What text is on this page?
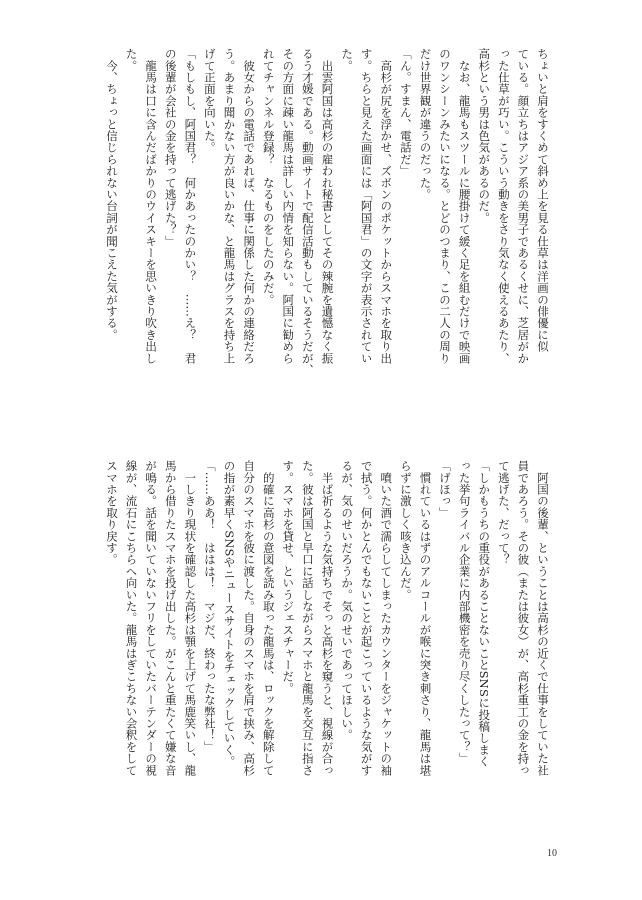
ちょいと肩をすくめて斜め上を見る仕草は洋画の俳優に似

ている。顔立ちはアジア系の美男子であるくせに、芝居がか

った仕草が巧い。こういう動きをさり気なく使えるあたり、

高杉という男は色気があるのだ。

　なお、龍馬もスツールに腰掛けて緩く足を組むだけで映画

のワンシーンみたいになる。とどのつまり、この二人の周り

だけ世界観が違うのだった。

「ん。すまん、電話だ」

　高杉が尻を浮かせ、ズボンのポケットからスマホを取り出

す。ちらと見えた画面には「阿国君」の文字が表示されてい

た。

　出雲阿国は高杉の雇われ秘書としてその辣腕を遺憾なく振

るう才媛である。動画サイトで配信活動もしているそうだが、

その方面に疎い龍馬は詳しい内情を知らない。阿国に勧めら

れてチャンネル登録？　なるものをしたのみだ。

　彼女からの電話であれば、仕事に関係した何かの連絡だろ

う。あまり聞かない方が良いかな、と龍馬はグラスを持ち上

げて正面を向いた。

「もしもし、阿国君？　何かあったのかい？　……え？　君

の後輩が会社の金を持って逃げた？」

　龍馬は口に含んだばかりのウイスキーを思いきり吹き出し

た。

　今、ちょっと信じられない台詞が聞こえた気がする。

　阿国の後輩、ということは高杉の近くで仕事をしていた社

員であろう。その彼（または彼女）が、高杉重工の金を持っ

て逃げた、だって？

「しかもうちの重役があることないことSNSに投稿しまく

った挙句ライバル企業に内部機密を売り尽くしたって？」

「げほっ」

　慣れているはずのアルコールが喉に突き刺さり、龍馬は堪

らずに激しく咳き込んだ。

　噴いた酒で濡らしてしまったカウンターをジャケットの袖

で拭う。何かとんでもないことが起こっているような気がす

るが、気のせいだろうか。気のせいであってほしい。

　半ば祈るような気持ちでそっと高杉を窺うと、視線が合っ

た。彼は阿国と早口に話しながらスマホと龍馬を交互に指さ

す。スマホを貸せ、というジェスチャーだ。

　的確に高杉の意図を読み取った龍馬は、ロックを解除して

自分のスマホを彼に渡した。自身のスマホを肩で挟み、高杉

の指が素早くSNSやニュースサイトをチェックしていく。

「……ああ！　ははは！　マジだ、終わったな弊社！」

　一しきり現状を確認した高杉は顎を上げて馬鹿笑いし、龍

馬から借りたスマホを投げ出した。がこんと重たくて嫌な音

が鳴る。話を聞いていないフリをしていたバーテンダーの視

線が、流石にこちらへ向いた。龍馬はぎこちない会釈をして

スマホを取り戻す。

10
